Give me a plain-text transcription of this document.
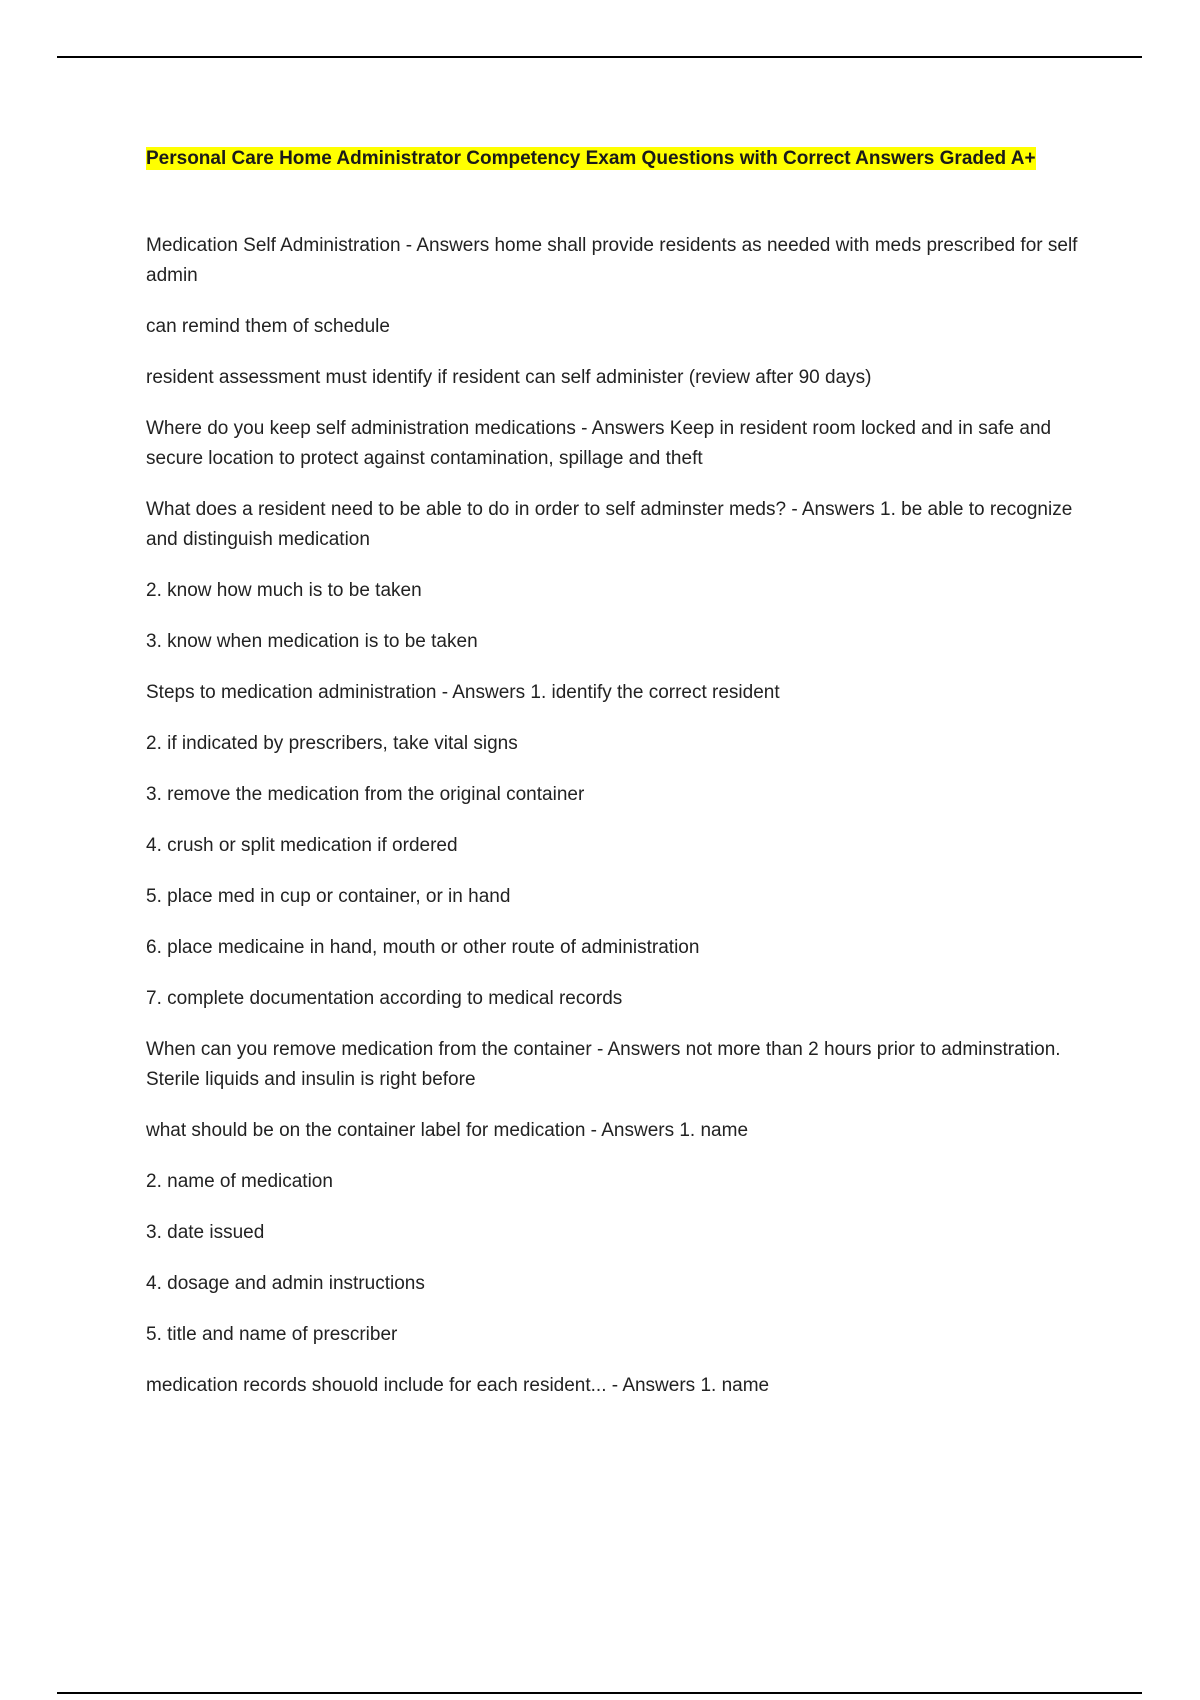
Personal Care Home Administrator Competency Exam Questions with Correct Answers Graded A+

Medication Self Administration - Answers home shall provide residents as needed with meds prescribed for self admin

can remind them of schedule

resident assessment must identify if resident can self administer (review after 90 days)

Where do you keep self administration medications - Answers Keep in resident room locked and in safe and secure location to protect against contamination, spillage and theft

What does a resident need to be able to do in order to self adminster meds? - Answers 1. be able to recognize and distinguish medication

2. know how much is to be taken

3. know when medication is to be taken

Steps to medication administration - Answers 1. identify the correct resident

2. if indicated by prescribers, take vital signs

3. remove the medication from the original container

4. crush or split medication if ordered

5. place med in cup or container, or in hand

6. place medicaine in hand, mouth or other route of administration

7. complete documentation according to medical records

When can you remove medication from the container - Answers not more than 2 hours prior to adminstration. Sterile liquids and insulin is right before

what should be on the container label for medication - Answers 1. name

2. name of medication

3. date issued

4. dosage and admin instructions

5. title and name of prescriber

medication records shouold include for each resident... - Answers 1. name
